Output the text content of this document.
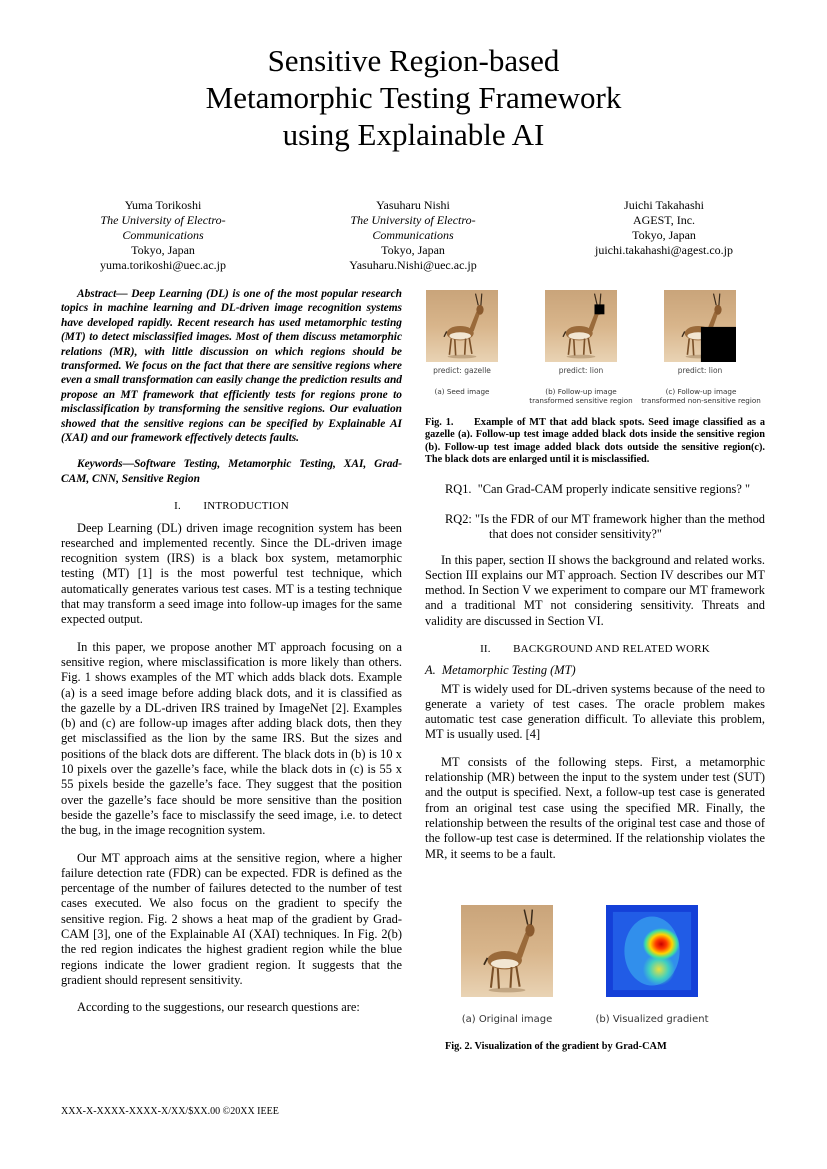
Sensitive Region-based
Metamorphic Testing Framework
using Explainable AI
Yuma Torikoshi
The University of Electro-
Communications
Tokyo, Japan
yuma.torikoshi@uec.ac.jp
Yasuharu Nishi
The University of Electro-
Communications
Tokyo, Japan
Yasuharu.Nishi@uec.ac.jp
Juichi Takahashi
AGEST, Inc.
Tokyo, Japan
juichi.takahashi@agest.co.jp

Abstract— Deep Learning (DL) is one of the most popular research topics in machine learning and DL-driven image recognition systems have developed rapidly. Recent research has used metamorphic testing (MT) to detect misclassified images. Most of them discuss metamorphic relations (MR), with little discussion on which regions should be transformed. We focus on the fact that there are sensitive regions where even a small transformation can easily change the prediction results and propose an MT framework that efficiently tests for regions prone to misclassification by transforming the sensitive regions. Our evaluation showed that the sensitive regions can be specified by Explainable AI (XAI) and our framework effectively detects faults.

Keywords—Software Testing, Metamorphic Testing, XAI, Grad-CAM, CNN, Sensitive Region

I.  INTRODUCTION

Deep Learning (DL) driven image recognition system has been researched and implemented recently. Since the DL-driven image recognition system (IRS) is a black box system, metamorphic testing (MT) [1] is the most powerful test technique, which automatically generates various test cases. MT is a testing technique that may transform a seed image into follow-up images for the same expected output.

In this paper, we propose another MT approach focusing on a sensitive region, where misclassification is more likely than others. Fig. 1 shows examples of the MT which adds black dots. Example (a) is a seed image before adding black dots, and it is classified as the gazelle by a DL-driven IRS trained by ImageNet [2]. Examples (b) and (c) are follow-up images after adding black dots, then they get misclassified as the lion by the same IRS. But the sizes and positions of the black dots are different. The black dots in (b) is 10 x 10 pixels over the gazelle’s face, while the black dots in (c) is 55 x 55 pixels beside the gazelle’s face. They suggest that the position over the gazelle’s face should be more sensitive than the position beside the gazelle’s face to misclassify the seed image, i.e. to detect the bug, in the image recognition system.

Our MT approach aims at the sensitive region, where a higher failure detection rate (FDR) can be expected. FDR is defined as the percentage of the number of failures detected to the number of test cases executed. We also focus on the gradient to specify the sensitive region. Fig. 2 shows a heat map of the gradient by Grad-CAM [3], one of the Explainable AI (XAI) techniques. In Fig. 2(b) the red region indicates the highest gradient region while the blue regions indicate the lower gradient region. It suggests that the gradient should represent sensitivity.

According to the suggestions, our research questions are:

predict: gazelle	predict: lion	predict: lion
(a) Seed image	(b) Follow-up image
transformed sensitive region
(c) Follow-up image
transformed non-sensitive region

Fig. 1.  Example of MT that add black spots. Seed image classified as a gazelle (a). Follow-up test image added black dots inside the sensitive region (b). Follow-up test image added black dots outside the sensitive region(c). The black dots are enlarged until it is misclassified.

RQ1. "Can Grad-CAM properly indicate sensitive regions? "

RQ2: "Is the FDR of our MT framework higher than the method that does not consider sensitivity?"

In this paper, section II shows the background and related works. Section III explains our MT approach. Section IV describes our MT method. In Section V we experiment to compare our MT framework and a traditional MT not considering sensitivity. Threats and validity are discussed in Section VI.

II.  BACKGROUND AND RELATED WORK

A. Metamorphic Testing (MT)

MT is widely used for DL-driven systems because of the need to generate a variety of test cases. The oracle problem makes automatic test case generation difficult. To alleviate this problem, MT is usually used. [4]

MT consists of the following steps. First, a metamorphic relationship (MR) between the input to the system under test (SUT) and the output is specified. Next, a follow-up test case is generated from an original test case using the specified MR. Finally, the relationship between the results of the original test case and those of the follow-up test case is determined. If the relationship violates the MR, it seems to be a fault.

(a) Original image	(b) Visualized gradient
Fig. 2. Visualization of the gradient by Grad-CAM
XXX-X-XXXX-XXXX-X/XX/$XX.00 ©20XX IEEE
